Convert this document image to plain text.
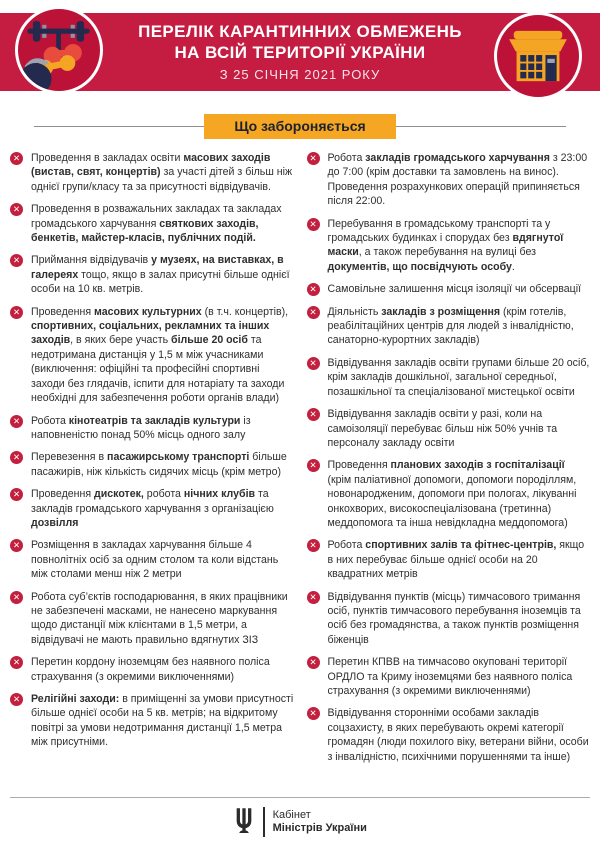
ПЕРЕЛІК КАРАНТИННИХ ОБМЕЖЕНЬ
НА ВСІЙ ТЕРИТОРІЇ УКРАЇНИ
З 25 СІЧНЯ 2021 РОКУ
Що забороняється
✕ Проведення в закладах освіти масових заходів (вистав, свят, концертів) за участі дітей з більш ніж однієї групи/класу та за присутності відвідувачів.
✕ Проведення в розважальних закладах та закладах громадського харчування святкових заходів, бенкетів, майстер-класів, публічних подій.
✕ Приймання відвідувачів у музеях, на виставках, в галереях тощо, якщо в залах присутні більше однієї особи на 10 кв. метрів.
✕ Проведення масових культурних (в т.ч. концертів), спортивних, соціальних, рекламних та інших заходів, в яких бере участь більше 20 осіб та недотримана дистанція у 1,5 м між учасниками (виключення: офіційні та професійні спортивні заходи без глядачів, іспити для нотаріату та заходи необхідні для забезпечення роботи органів влади)
✕ Робота кінотеатрів та закладів культури із наповненістю понад 50% місць одного залу
✕ Перевезення в пасажирському транспорті більше пасажирів, ніж кількість сидячих місць (крім метро)
✕ Проведення дискотек, робота нічних клубів та закладів громадського харчування з організацією дозвілля
✕ Розміщення в закладах харчування більше 4 повнолітніх осіб за одним столом та коли відстань між столами менш ніж 2 метри
✕ Робота суб’єктів господарювання, в яких працівники не забезпечені масками, не нанесено маркування щодо дистанції між клієнтами в 1,5 метри, а відвідувачі не мають правильно вдягнутих ЗІЗ
✕ Перетин кордону іноземцям без наявного поліса страхування (з окремими виключеннями)
✕ Релігійні заходи: в приміщенні за умови присутності більше однієї особи на 5 кв. метрів; на відкритому повітрі за умови недотримання дистанції 1,5 метра між присутніми.
✕ Робота закладів громадського харчування з 23:00 до 7:00 (крім доставки та замовлень на винос). Проведення розрахункових операцій припиняється після 22:00.
✕ Перебування в громадському транспорті та у громадських будинках і спорудах без вдягнутої маски, а також перебування на вулиці без документів, що посвідчують особу.
✕ Самовільне залишення місця ізоляції чи обсервації
✕ Діяльність закладів з розміщення (крім готелів, реабілітаційних центрів для людей з інвалідністю, санаторно-курортних закладів)
✕ Відвідування закладів освіти групами більше 20 осіб, крім закладів дошкільної, загальної середньої, позашкільної та спеціалізованої мистецької освіти
✕ Відвідування закладів освіти у разі, коли на самоізоляції перебуває більш ніж 50% учнів та персоналу закладу освіти
✕ Проведення планових заходів з госпіталізації (крім паліативної допомоги, допомоги породіллям, новонародженим, допомоги при пологах, лікуванні онкохворих, високоспеціалізована (третинна) меддопомога та інша невідкладна меддопомога)
✕ Робота спортивних залів та фітнес-центрів, якщо в них перебуває більше однієї особи на 20 квадратних метрів
✕ Відвідування пунктів (місць) тимчасового тримання осіб, пунктів тимчасового перебування іноземців та осіб без громадянства, а також пунктів розміщення біженців
✕ Перетин КПВВ на тимчасово окуповані території ОРДЛО та Криму іноземцями без наявного поліса страхування (з окремими виключеннями)
✕ Відвідування сторонніми особами закладів соцзахисту, в яких перебувають окремі категорії громадян (люди похилого віку, ветерани війни, особи з інвалідністю, психічними порушеннями та інше)
Кабінет
Міністрів України
